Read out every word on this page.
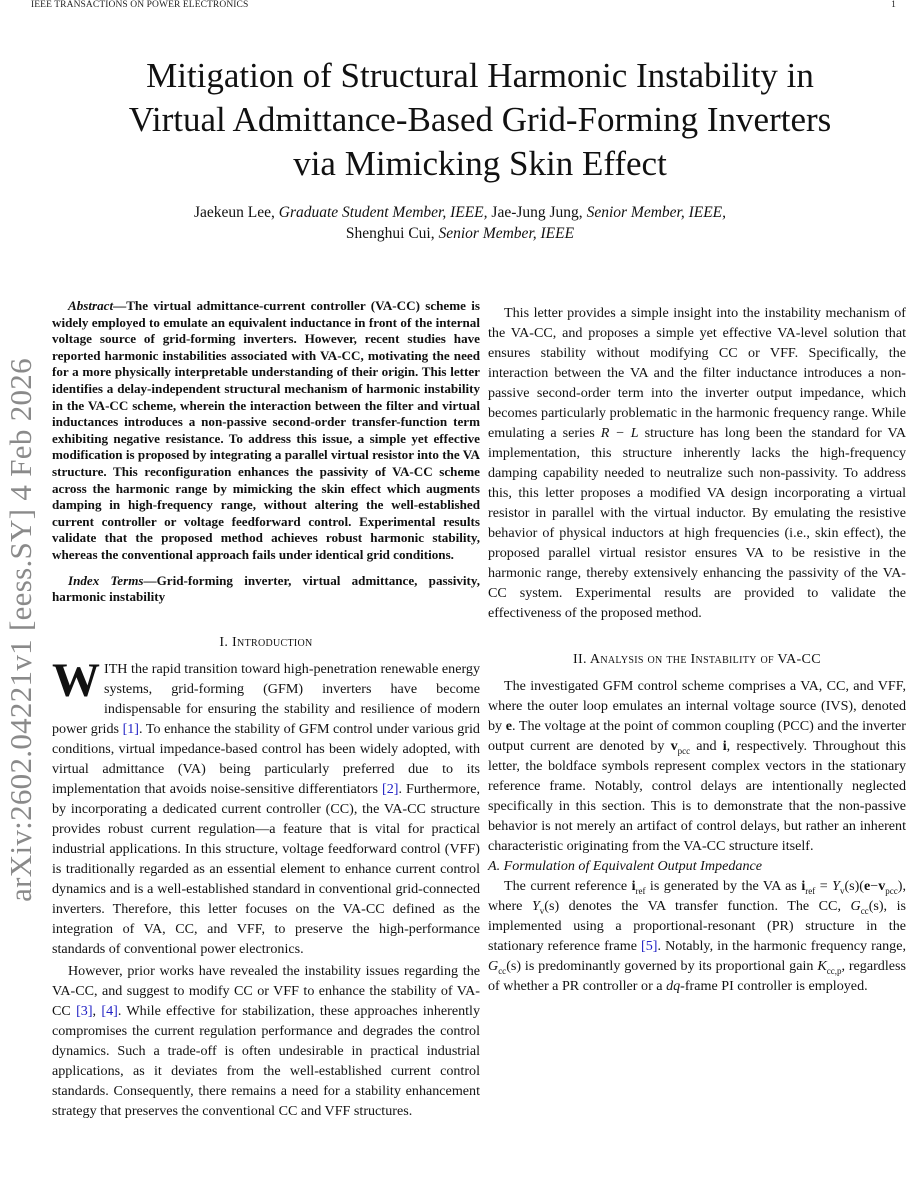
IEEE TRANSACTIONS ON POWER ELECTRONICS	1
Mitigation of Structural Harmonic Instability in
Virtual Admittance-Based Grid-Forming Inverters
via Mimicking Skin Effect
Jaekeun Lee, Graduate Student Member, IEEE, Jae-Jung Jung, Senior Member, IEEE,
Shenghui Cui, Senior Member, IEEE
arXiv:2602.04221v1 [eess.SY] 4 Feb 2026

Abstract—The virtual admittance-current controller (VA-CC) scheme is widely employed to emulate an equivalent inductance in front of the internal voltage source of grid-forming inverters. However, recent studies have reported harmonic instabilities associated with VA-CC, motivating the need for a more physically interpretable understanding of their origin. This letter identifies a delay-independent structural mechanism of harmonic instability in the VA-CC scheme, wherein the interaction between the filter and virtual inductances introduces a non-passive second-order transfer-function term exhibiting negative resistance. To address this issue, a simple yet effective modification is proposed by integrating a parallel virtual resistor into the VA structure. This reconfiguration enhances the passivity of VA-CC scheme across the harmonic range by mimicking the skin effect which augments damping in high-frequency range, without altering the well-established current controller or voltage feedforward control. Experimental results validate that the proposed method achieves robust harmonic stability, whereas the conventional approach fails under identical grid conditions.

Index Terms—Grid-forming inverter, virtual admittance, passivity, harmonic instability

I. Introduction

WITH the rapid transition toward high-penetration renewable energy systems, grid-forming (GFM) inverters have become indispensable for ensuring the stability and resilience of modern power grids [1]. To enhance the stability of GFM control under various grid conditions, virtual impedance-based control has been widely adopted, with virtual admittance (VA) being particularly preferred due to its implementation that avoids noise-sensitive differentiators [2]. Furthermore, by incorporating a dedicated current controller (CC), the VA-CC structure provides robust current regulation—a feature that is vital for practical industrial applications. In this structure, voltage feedforward control (VFF) is traditionally regarded as an essential element to enhance current control dynamics and is a well-established standard in conventional grid-connected inverters. Therefore, this letter focuses on the VA-CC defined as the integration of VA, CC, and VFF, to preserve the high-performance standards of conventional power electronics.

However, prior works have revealed the instability issues regarding the VA-CC, and suggest to modify CC or VFF to enhance the stability of VA-CC [3], [4]. While effective for stabilization, these approaches inherently compromises the current regulation performance and degrades the control dynamics. Such a trade-off is often undesirable in practical industrial applications, as it deviates from the well-established current control standards. Consequently, there remains a need for a stability enhancement strategy that preserves the conventional CC and VFF structures.

This letter provides a simple insight into the instability mechanism of the VA-CC, and proposes a simple yet effective VA-level solution that ensures stability without modifying CC or VFF. Specifically, the interaction between the VA and the filter inductance introduces a non-passive second-order term into the inverter output impedance, which becomes particularly problematic in the harmonic frequency range. While emulating a series R − L structure has long been the standard for VA implementation, this structure inherently lacks the high-frequency damping capability needed to neutralize such non-passivity. To address this, this letter proposes a modified VA design incorporating a virtual resistor in parallel with the virtual inductor. By emulating the resistive behavior of physical inductors at high frequencies (i.e., skin effect), the proposed parallel virtual resistor ensures VA to be resistive in the harmonic range, thereby extensively enhancing the passivity of the VA-CC system. Experimental results are provided to validate the effectiveness of the proposed method.

II. Analysis on the Instability of VA-CC

The investigated GFM control scheme comprises a VA, CC, and VFF, where the outer loop emulates an internal voltage source (IVS), denoted by e. The voltage at the point of common coupling (PCC) and the inverter output current are denoted by $v_{pcc}$ and i, respectively. Throughout this letter, the boldface symbols represent complex vectors in the stationary reference frame. Notably, control delays are intentionally neglected specifically in this section. This is to demonstrate that the non-passive behavior is not merely an artifact of control delays, but rather an inherent characteristic originating from the VA-CC structure itself.

A. Formulation of Equivalent Output Impedance

The current reference $i_{ref}$ is generated by the VA as $i_{ref} = Y_v(s)(e-v_{pcc})$, where $Y_v(s)$ denotes the VA transfer function. The CC, $G_{cc}(s)$, is implemented using a proportional-resonant (PR) structure in the stationary reference frame [5]. Notably, in the harmonic frequency range, $G_{cc}(s)$ is predominantly governed by its proportional gain $K_{cc,p}$, regardless of whether a PR controller or a dq-frame PI controller is employed.
